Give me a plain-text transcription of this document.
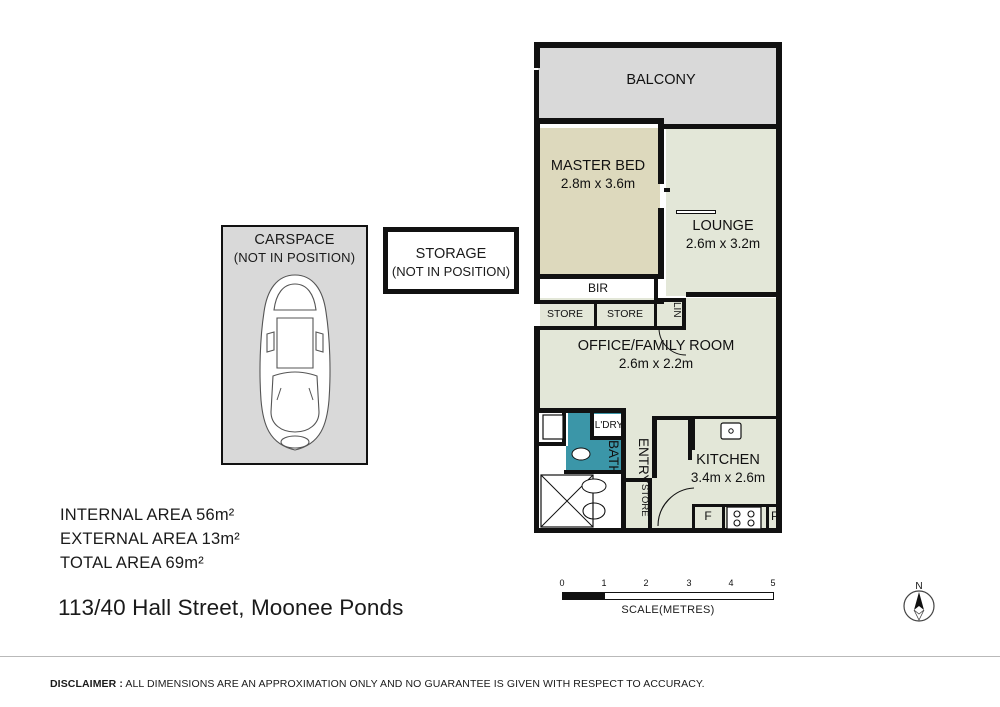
CARSPACE
(NOT IN POSITION)	STORAGE
(NOT IN POSITION)
INTERNAL AREA 56m²
EXTERNAL AREA 13m²
TOTAL AREA 69m²
113/40 Hall Street, Moonee Ponds
DISCLAIMER : ALL DIMENSIONS ARE AN APPROXIMATION ONLY AND NO GUARANTEE IS GIVEN WITH RESPECT TO ACCURACY.
0	1	2	3	4	5
SCALE(METRES)
N
BALCONY
MASTER BED
2.8m x 3.6m
LOUNGE
2.6m x 3.2m
OFFICE/FAMILY ROOM
2.6m x 2.2m
KITCHEN
3.4m x 2.6m
BATH	ENTRY
BIR
STORE	STORE	LIN
L'DRY
STORE	F	P
